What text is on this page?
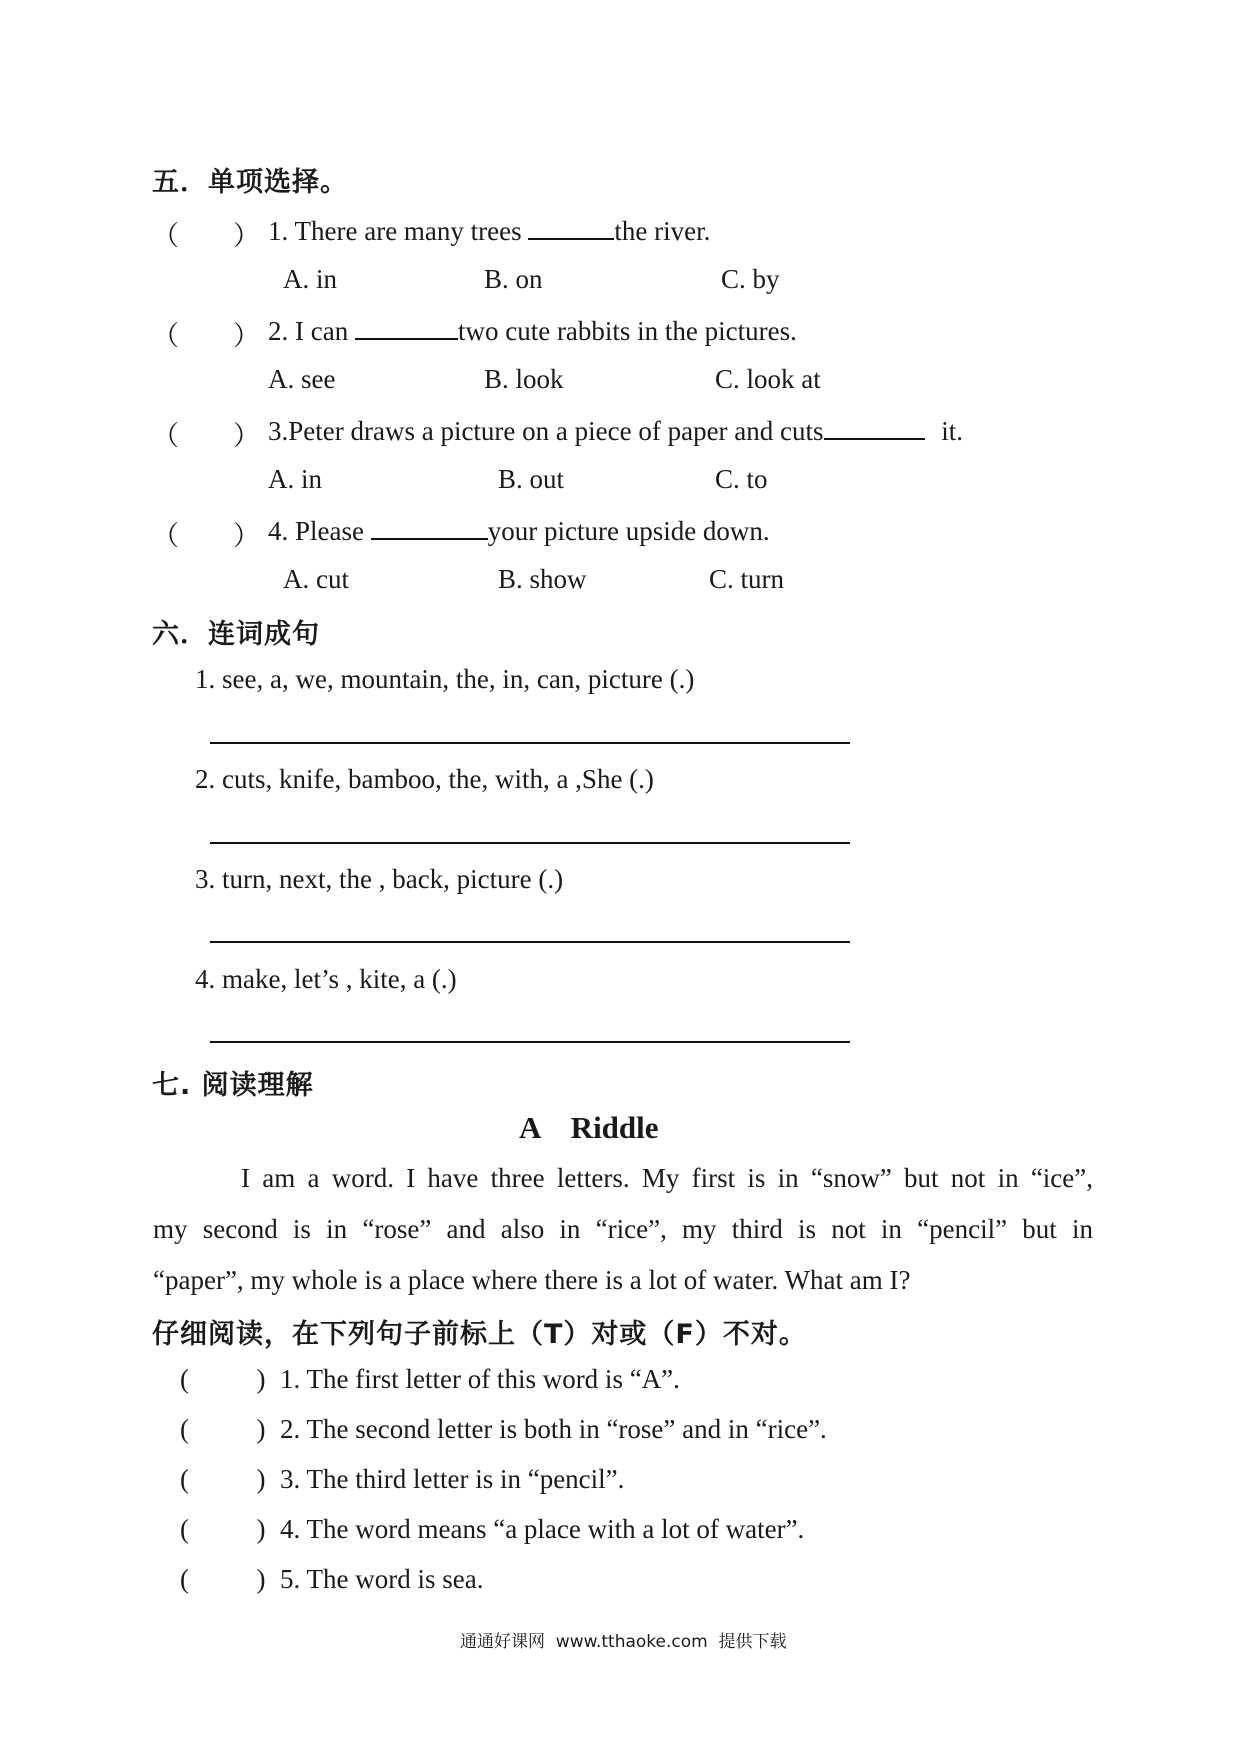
五．单项选择。
（　　） 1. There are many trees	the river.
A. in	B. on	C. by
（　　） 2. I can	two cute rabbits in the pictures.
A. see	B. look	C. look at
（　　） 3.Peter draws a picture on a piece of paper and cuts	it.
A. in	B. out	C. to
（　　） 4. Please	your picture upside down.
A. cut	B. show	C. turn
六．连词成句
1. see, a, we, mountain, the, in, can, picture (.)
2. cuts, knife, bamboo, the, with, a ,She (.)
3. turn, next, the , back, picture (.)
4. make, let’s , kite, a (.)
七. 阅读理解
A    Riddle
I am a word. I have three letters. My first is in “snow” but not in “ice”,
my second is in “rose” and also in “rice”, my third is not in “pencil” but in
“paper”, my whole is a place where there is a lot of water. What am I?
仔细阅读，在下列句子前标上（T）对或（F）不对。
(          ) 1. The first letter of this word is “A”.
(          ) 2. The second letter is both in “rose” and in “rice”.
(          ) 3. The third letter is in “pencil”.
(          ) 4. The word means “a place with a lot of water”.
(          ) 5. The word is sea.
通通好课网  www.tthaoke.com  提供下载
